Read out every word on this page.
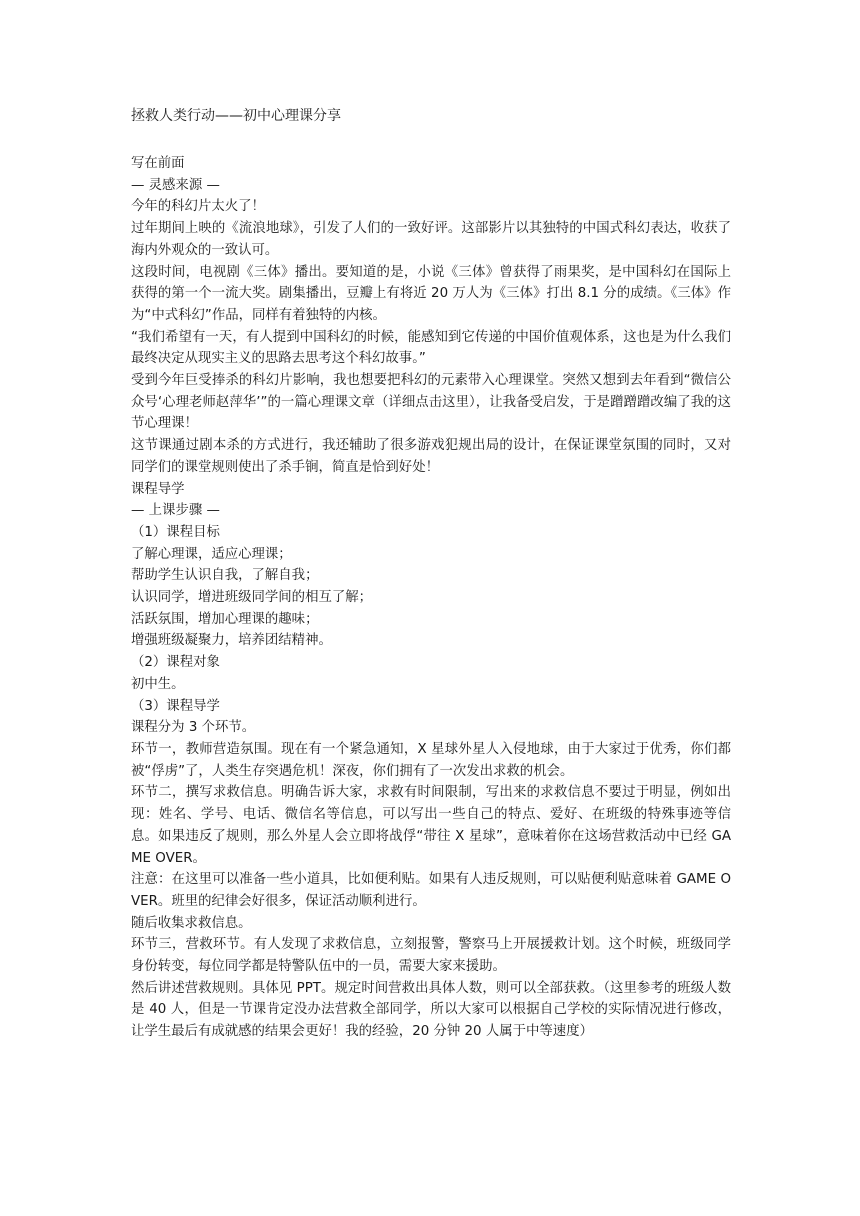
拯救人类行动——初中心理课分享

写在前面

— 灵感来源 —

今年的科幻片太火了！

过年期间上映的《流浪地球》，引发了人们的一致好评。这部影片以其独特的中国式科幻表达，收获了海内外观众的一致认可。

这段时间，电视剧《三体》播出。要知道的是，小说《三体》曾获得了雨果奖，是中国科幻在国际上获得的第一个一流大奖。剧集播出，豆瓣上有将近 20 万人为《三体》打出 8.1 分的成绩。《三体》作为“中式科幻”作品，同样有着独特的内核。

“我们希望有一天，有人提到中国科幻的时候，能感知到它传递的中国价值观体系，这也是为什么我们最终决定从现实主义的思路去思考这个科幻故事。”

受到今年巨受捧杀的科幻片影响，我也想要把科幻的元素带入心理课堂。突然又想到去年看到“微信公众号‘心理老师赵萍华’”的一篇心理课文章（详细点击这里），让我备受启发，于是蹭蹭蹭改编了我的这节心理课！

这节课通过剧本杀的方式进行，我还辅助了很多游戏犯规出局的设计，在保证课堂氛围的同时，又对同学们的课堂规则使出了杀手锏，简直是恰到好处！

课程导学

— 上课步骤 —

（1）课程目标

了解心理课，适应心理课；

帮助学生认识自我，了解自我；

认识同学，增进班级同学间的相互了解；

活跃氛围，增加心理课的趣味；

增强班级凝聚力，培养团结精神。

（2）课程对象

初中生。

（3）课程导学

课程分为 3 个环节。

环节一，教师营造氛围。现在有一个紧急通知，X 星球外星人入侵地球，由于大家过于优秀，你们都被“俘虏”了，人类生存突遇危机！深夜，你们拥有了一次发出求救的机会。

环节二，撰写求救信息。明确告诉大家，求救有时间限制，写出来的求救信息不要过于明显，例如出现：姓名、学号、电话、微信名等信息，可以写出一些自己的特点、爱好、在班级的特殊事迹等信息。如果违反了规则，那么外星人会立即将战俘“带往 X 星球”，意味着你在这场营救活动中已经 GAME OVER。

注意：在这里可以准备一些小道具，比如便利贴。如果有人违反规则，可以贴便利贴意味着 GAME OVER。班里的纪律会好很多，保证活动顺利进行。

随后收集求救信息。

环节三，营救环节。有人发现了求救信息，立刻报警，警察马上开展援救计划。这个时候，班级同学身份转变，每位同学都是特警队伍中的一员，需要大家来援助。

然后讲述营救规则。具体见 PPT。规定时间营救出具体人数，则可以全部获救。（这里参考的班级人数是 40 人，但是一节课肯定没办法营救全部同学，所以大家可以根据自己学校的实际情况进行修改，让学生最后有成就感的结果会更好！我的经验，20 分钟 20 人属于中等速度）
